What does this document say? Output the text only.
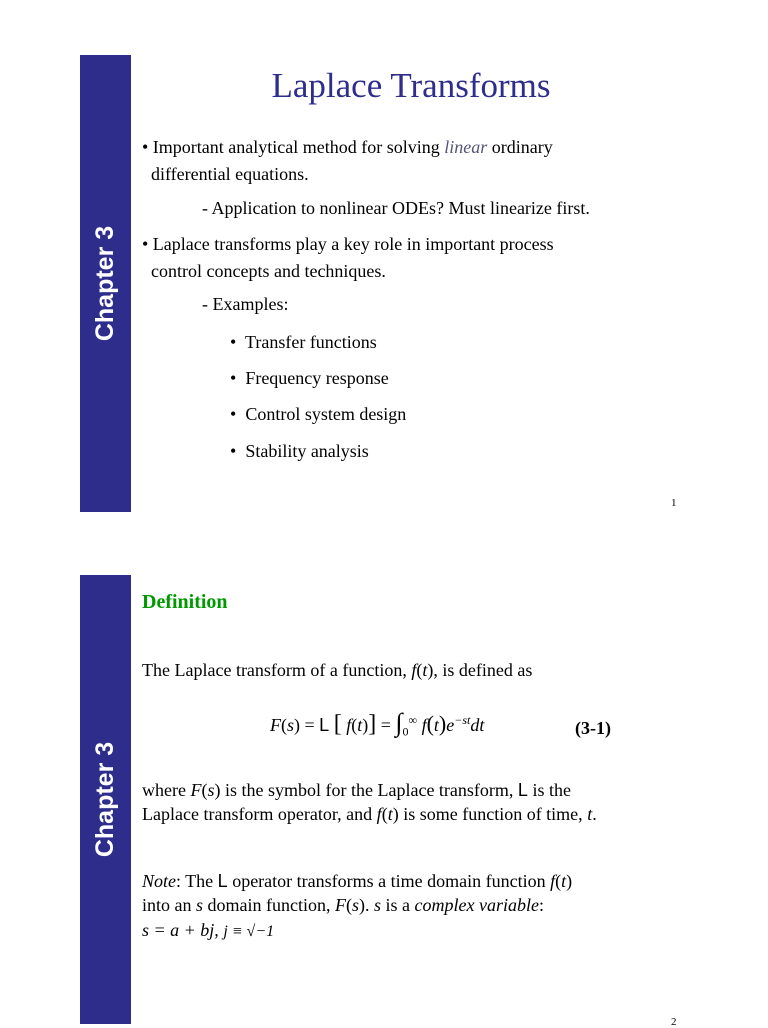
Chapter 3
Laplace Transforms
• Important analytical method for solving linear ordinary
differential equations.
- Application to nonlinear ODEs? Must linearize first.
• Laplace transforms play a key role in important process
control concepts and techniques.
- Examples:
•  Transfer functions
•  Frequency response
•  Control system design
•  Stability analysis
1
Chapter 3
Definition
The Laplace transform of a function, f(t), is defined as
F(s) = L [ $f(t)] = \int_0^\infty$ $f(t)e^{-st}dt$	(3-1)
where F(s) is the symbol for the Laplace transform, L is the
Laplace transform operator, and f(t) is some function of time, t.
Note: The L operator transforms a time domain function f(t)
into an s domain function, F(s). s is a complex variable:
s = a + bj, j ≡ √−1
2
